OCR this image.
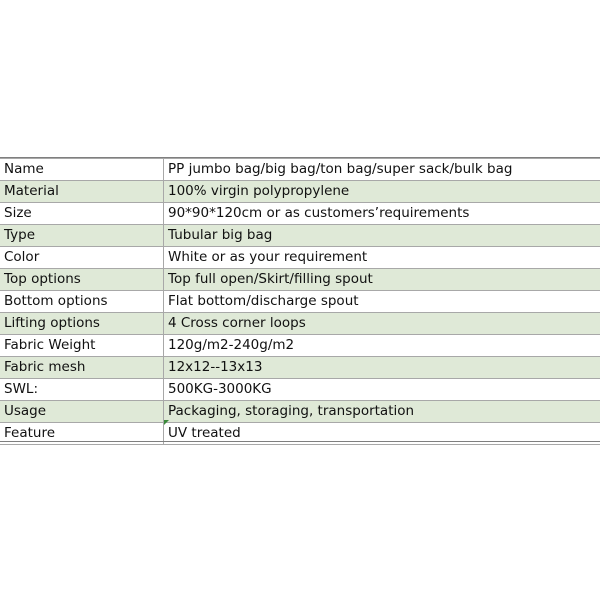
Name	PP jumbo bag/big bag/ton bag/super sack/bulk bag
Material	100% virgin polypropylene
Size	90*90*120cm or as customers’requirements
Type	Tubular big bag
Color	White or as your requirement
Top options	Top full open/Skirt/filling spout
Bottom options	Flat bottom/discharge spout
Lifting options	4 Cross corner loops
Fabric Weight	120g/m2-240g/m2
Fabric mesh	12x12--13x13
SWL:	500KG-3000KG
Usage	Packaging, storaging, transportation
Feature	UV treated
